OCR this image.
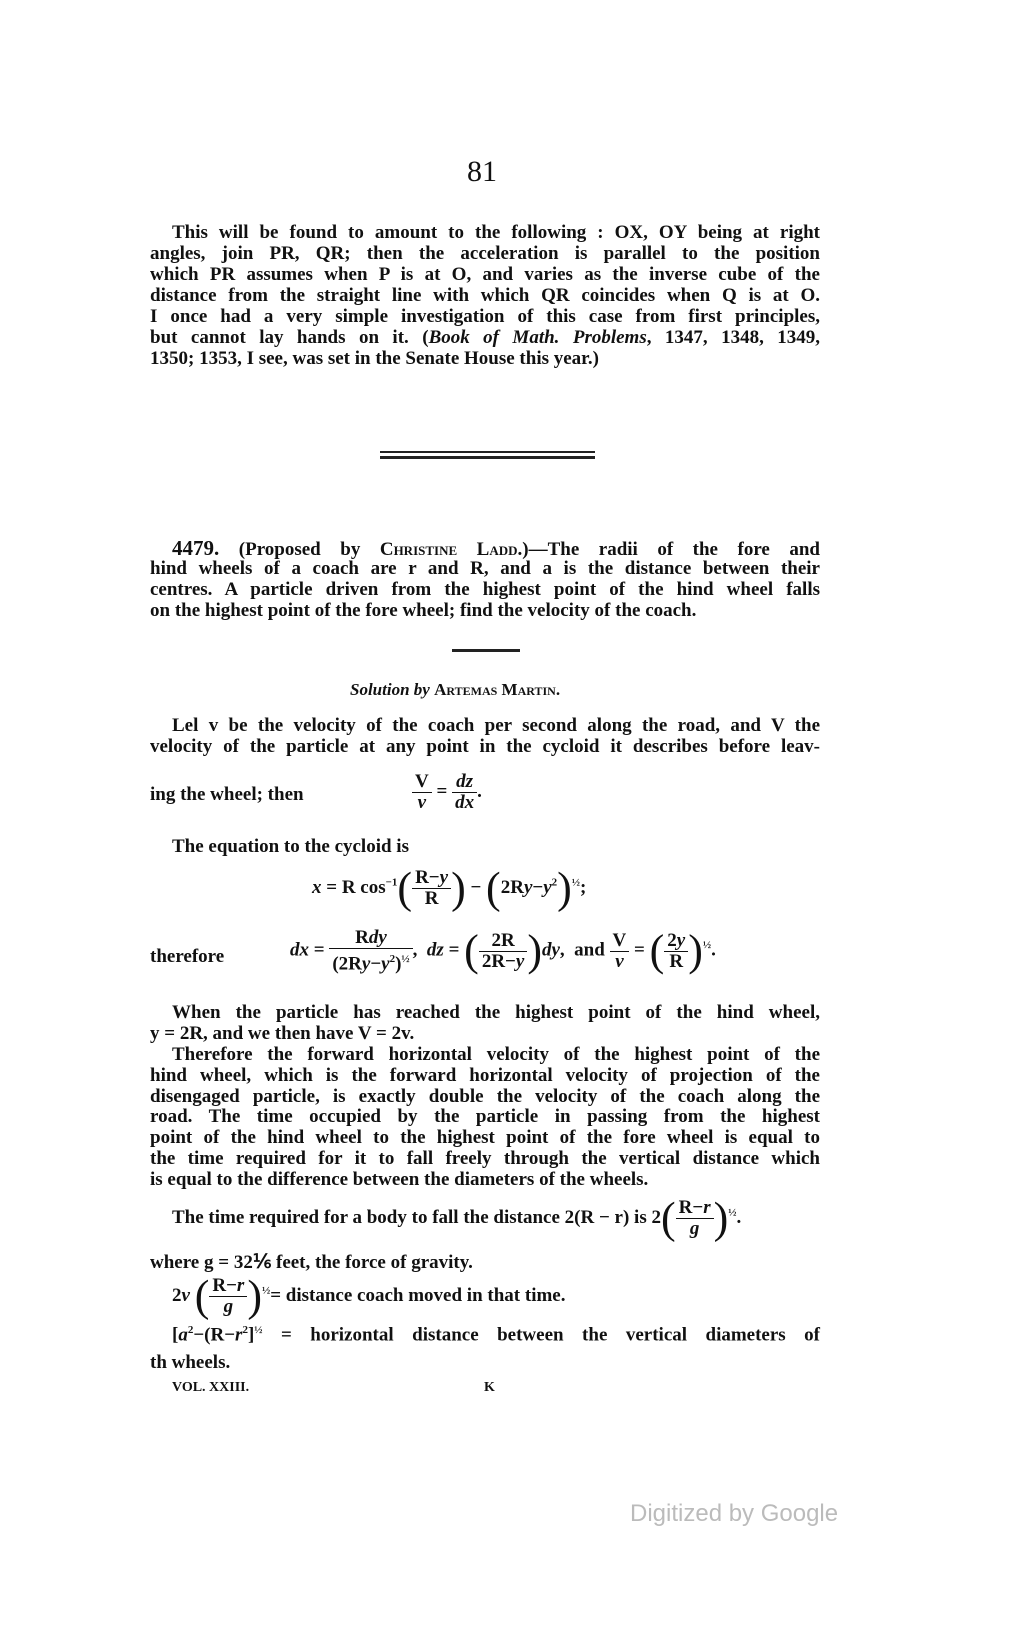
81
This will be found to amount to the following : OX, OY being at right
angles, join PR, QR; then the acceleration is parallel to the position
which PR assumes when P is at O, and varies as the inverse cube of the
distance from the straight line with which QR coincides when Q is at O.
I once had a very simple investigation of this case from first principles,
but cannot lay hands on it. (Book of Math. Problems, 1347, 1348, 1349,
1350; 1353, I see, was set in the Senate House this year.)
4479. (Proposed by Christine Ladd.)—The radii of the fore and
hind wheels of a coach are r and R, and a is the distance between their
centres. A particle driven from the highest point of the hind wheel falls
on the highest point of the fore wheel; find the velocity of the coach.
Solution by Artemas Martin.
Lel v be the velocity of the coach per second along the road, and V the
velocity of the particle at any point in the cycloid it describes before leav-
ing the wheel; then	$\frac{V}{v} = \frac{dz}{dx}$ .
The equation to the cycloid is
x = R $\cos^{-1}( \frac{R-y}{R}$ ) − $(2Ry-y^2)^{\frac{1}{2}}$;
therefore	dx = $\frac{\text{Rdy}}{(2Ry-y^2)^{\frac{1}{2}}}$ ,  dz = ( $\frac{2R}{2R-y} )dy$,  and $\frac{V}{v}$ = ( $\frac{2y}{R} )^{\frac{1}{2}}$.
When the particle has reached the highest point of the hind wheel,
y = 2R, and we then have V = 2v.
Therefore the forward horizontal velocity of the highest point of the
hind wheel, which is the forward horizontal velocity of projection of the
disengaged particle, is exactly double the velocity of the coach along the
road. The time occupied by the particle in passing from the highest
point of the hind wheel to the highest point of the fore wheel is equal to
the time required for it to fall freely through the vertical distance which
is equal to the difference between the diameters of the wheels.
The time required for a body to fall the distance 2(R − r) is $2( \frac{R-r}{g} )^{\frac{1}{2}}$.
where g = 32⅙ feet, the force of gravity.
2v ( $\frac{R-r}{g} )^{\frac{1}{2}}=$ distance coach moved in that time.
[$a^2-(R-r^2]^{\frac{1}{2}}$ = horizontal distance between the vertical diameters of
th wheels.
VOL. XXIII.	K
Digitized by Google
